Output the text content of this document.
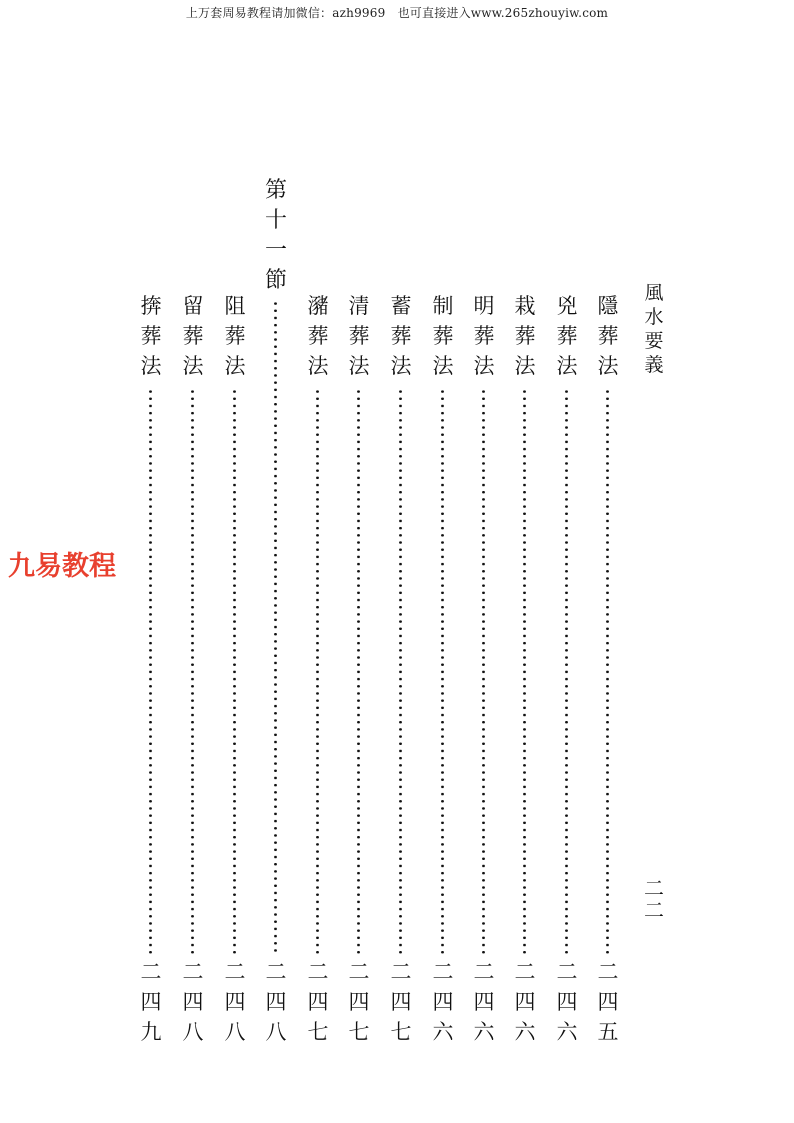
上万套周易教程请加微信：azh9969　也可直接进入www.265zhouyiw.com
風
水
要
義
二
二
隱
葬
法
二
四
五
兇
葬
法
二
四
六
栽
葬
法
二
四
六
明
葬
法
二
四
六
制
葬
法
二
四
六
蓄
葬
法
二
四
七
清
葬
法
二
四
七
瀦
葬
法
二
四
七
第
十
一
節
二
四
八
阻
葬
法
二
四
八
留
葬
法
二
四
八
捹
葬
法
二
四
九
九易教程
